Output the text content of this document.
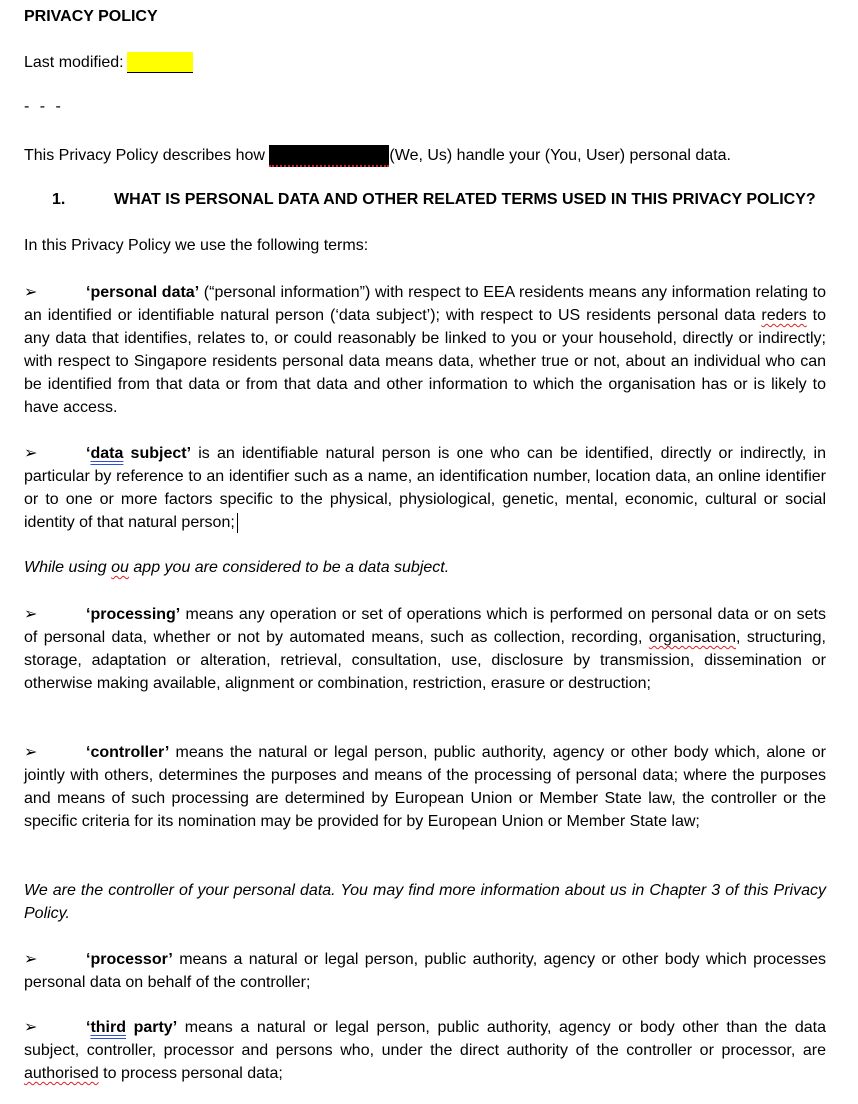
PRIVACY POLICY
Last modified:
- - -
This Privacy Policy describes how	(We, Us) handle your (You, User) personal data.
1.	WHAT IS PERSONAL DATA AND OTHER RELATED TERMS USED IN THIS PRIVACY POLICY?
In this Privacy Policy we use the following terms:
➢	‘personal data’ (“personal information”) with respect to EEA residents means any information relating to an identified or identifiable natural person (‘data subject’); with respect to US residents personal data reders to any data that identifies, relates to, or could reasonably be linked to you or your household, directly or indirectly; with respect to Singapore residents personal data means data, whether true or not, about an individual who can be identified from that data or from that data and other information to which the organisation has or is likely to have access.
➢	‘data subject’ is an identifiable natural person is one who can be identified, directly or indirectly, in particular by reference to an identifier such as a name, an identification number, location data, an online identifier or to one or more factors specific to the physical, physiological, genetic, mental, economic, cultural or social identity of that natural person;
While using ou app you are considered to be a data subject.
➢	‘processing’ means any operation or set of operations which is performed on personal data or on sets of personal data, whether or not by automated means, such as collection, recording, organisation, structuring, storage, adaptation or alteration, retrieval, consultation, use, disclosure by transmission, dissemination or otherwise making available, alignment or combination, restriction, erasure or destruction;
➢	‘controller’ means the natural or legal person, public authority, agency or other body which, alone or jointly with others, determines the purposes and means of the processing of personal data; where the purposes and means of such processing are determined by European Union or Member State law, the controller or the specific criteria for its nomination may be provided for by European Union or Member State law;
We are the controller of your personal data. You may find more information about us in Chapter 3 of this Privacy Policy.
➢	‘processor’ means a natural or legal person, public authority, agency or other body which processes personal data on behalf of the controller;
➢	‘third party’ means a natural or legal person, public authority, agency or body other than the data subject, controller, processor and persons who, under the direct authority of the controller or processor, are authorised to process personal data;
